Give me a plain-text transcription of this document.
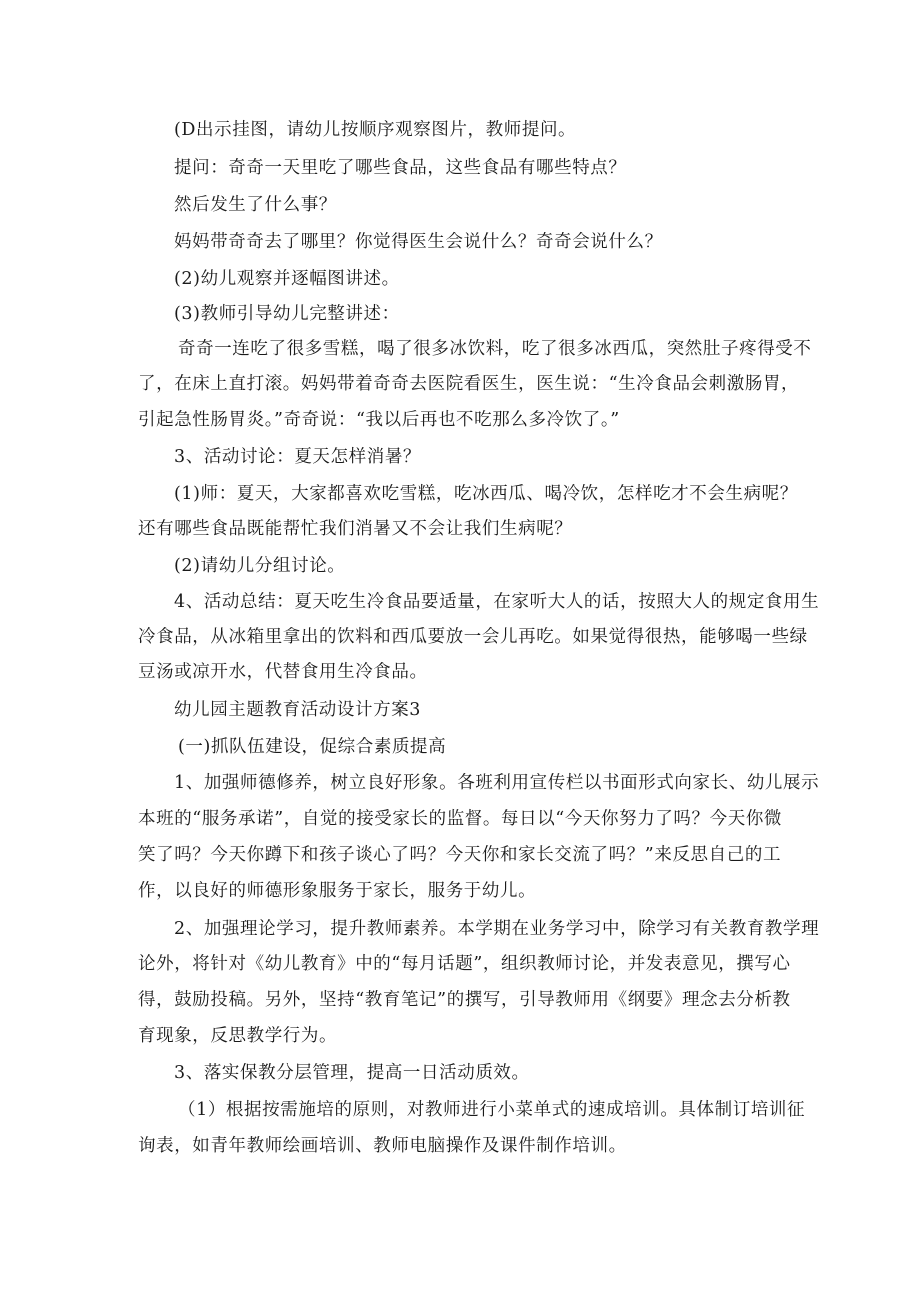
(D出示挂图，请幼儿按顺序观察图片，教师提问。
提问：奇奇一天里吃了哪些食品，这些食品有哪些特点？
然后发生了什么事？
妈妈带奇奇去了哪里？你觉得医生会说什么？奇奇会说什么？
(2)幼儿观察并逐幅图讲述。
(3)教师引导幼儿完整讲述：
奇奇一连吃了很多雪糕，喝了很多冰饮料，吃了很多冰西瓜，突然肚子疼得受不
了，在床上直打滚。妈妈带着奇奇去医院看医生，医生说：“生冷食品会刺激肠胃，
引起急性肠胃炎。”奇奇说：“我以后再也不吃那么多冷饮了。”
3、活动讨论：夏天怎样消暑？
(1)师：夏天，大家都喜欢吃雪糕，吃冰西瓜、喝冷饮，怎样吃才不会生病呢？
还有哪些食品既能帮忙我们消暑又不会让我们生病呢？
(2)请幼儿分组讨论。
4、活动总结：夏天吃生冷食品要适量，在家听大人的话，按照大人的规定食用生
冷食品，从冰箱里拿出的饮料和西瓜要放一会儿再吃。如果觉得很热，能够喝一些绿
豆汤或凉开水，代替食用生冷食品。
幼儿园主题教育活动设计方案3
(一)抓队伍建设，促综合素质提高
1、加强师德修养，树立良好形象。各班利用宣传栏以书面形式向家长、幼儿展示
本班的“服务承诺”，自觉的接受家长的监督。每日以“今天你努力了吗？今天你微
笑了吗？今天你蹲下和孩子谈心了吗？今天你和家长交流了吗？”来反思自己的工
作，以良好的师德形象服务于家长，服务于幼儿。
2、加强理论学习，提升教师素养。本学期在业务学习中，除学习有关教育教学理
论外，将针对《幼儿教育》中的“每月话题”，组织教师讨论，并发表意见，撰写心
得，鼓励投稿。另外，坚持“教育笔记”的撰写，引导教师用《纲要》理念去分析教
育现象，反思教学行为。
3、落实保教分层管理，提高一日活动质效。
（1）根据按需施培的原则，对教师进行小菜单式的速成培训。具体制订培训征
询表，如青年教师绘画培训、教师电脑操作及课件制作培训。
